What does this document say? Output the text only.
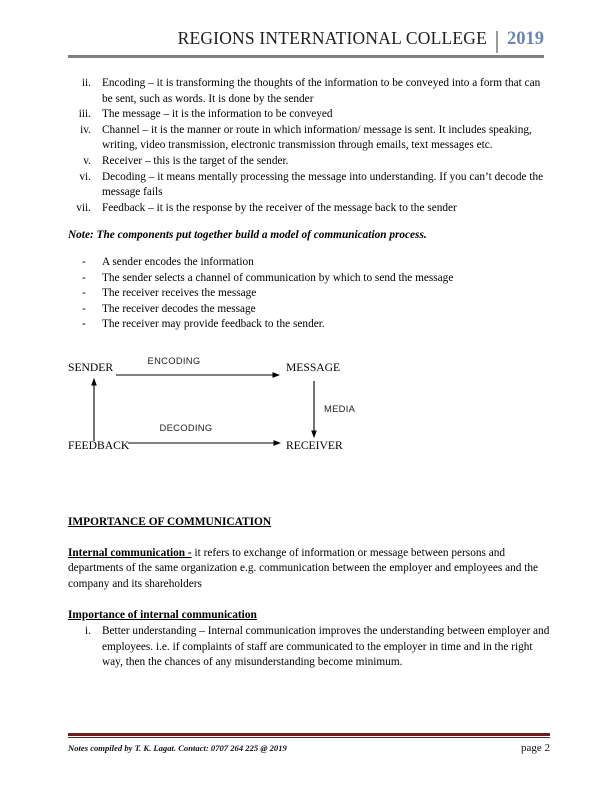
REGIONS INTERNATIONAL COLLEGE 2019
ii. Encoding – it is transforming the thoughts of the information to be conveyed into a form that can be sent, such as words. It is done by the sender
iii. The message – it is the information to be conveyed
iv. Channel – it is the manner or route in which information/ message is sent. It includes speaking, writing, video transmission, electronic transmission through emails, text messages etc.
v. Receiver – this is the target of the sender.
vi. Decoding – it means mentally processing the message into understanding. If you can’t decode the message fails
vii. Feedback – it is the response by the receiver of the message back to the sender
Note: The components put together build a model of communication process.
-	A sender encodes the information
-	The sender selects a channel of communication by which to send the message
-	The receiver receives the message
-	The receiver decodes the message
-	The receiver may provide feedback to the sender.
SENDER	MESSAGE
FEEDBACK	RECEIVER
ENCODING
MEDIA
DECODING
IMPORTANCE OF COMMUNICATION
Internal communication - it refers to exchange of information or message between persons and departments of the same organization e.g. communication between the employer and employees and the company and its shareholders
Importance of internal communication
i. Better understanding – Internal communication improves the understanding between employer and employees. i.e. if complaints of staff are communicated to the employer in time and in the right way, then the chances of any misunderstanding become minimum.
Notes compiled by T. K. Lagat. Contact: 0707 264 225 @ 2019	page 2
